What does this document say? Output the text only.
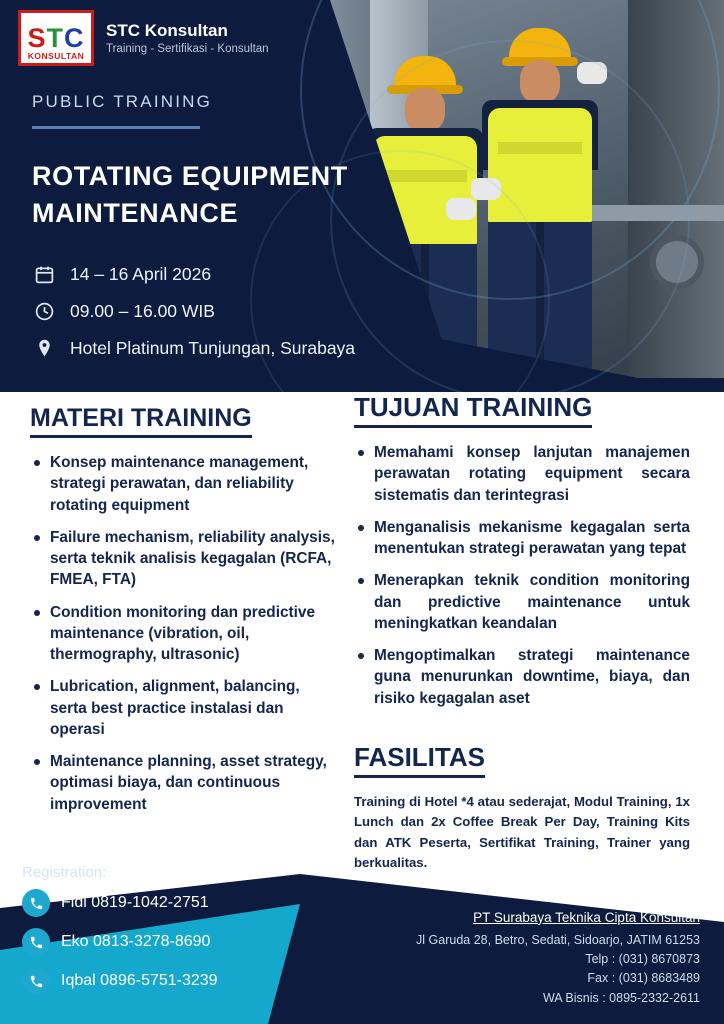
S T C
KONSULTAN
STC Konsultan
Training - Sertifikasi - Konsultan
PUBLIC TRAINING
ROTATING EQUIPMENT
MAINTENANCE
14 – 16 April 2026
09.00 – 16.00 WIB
Hotel Platinum Tunjungan, Surabaya
MATERI TRAINING
Konsep maintenance management, strategi perawatan, dan reliability rotating equipment
Failure mechanism, reliability analysis, serta teknik analisis kegagalan (RCFA, FMEA, FTA)
Condition monitoring dan predictive maintenance (vibration, oil, thermography, ultrasonic)
Lubrication, alignment, balancing, serta best practice instalasi dan operasi
Maintenance planning, asset strategy, optimasi biaya, dan continuous improvement
TUJUAN TRAINING
Memahami konsep lanjutan manajemen perawatan rotating equipment secara sistematis dan terintegrasi
Menganalisis mekanisme kegagalan serta menentukan strategi perawatan yang tepat
Menerapkan teknik condition monitoring dan predictive maintenance untuk meningkatkan keandalan
Mengoptimalkan strategi maintenance guna menurunkan downtime, biaya, dan risiko kegagalan aset
FASILITAS

Training di Hotel *4 atau sederajat, Modul Training, 1x Lunch dan 2x Coffee Break Per Day, Training Kits dan ATK Peserta, Sertifikat Training, Trainer yang berkualitas.

Registration:
Fidi 0819-1042-2751
Eko 0813-3278-8690
Iqbal 0896-5751-3239
PT Surabaya Teknika Cipta Konsultan
Jl Garuda 28, Betro, Sedati, Sidoarjo, JATIM 61253
Telp : (031) 8670873
Fax : (031) 8683489
WA Bisnis : 0895-2332-2611
